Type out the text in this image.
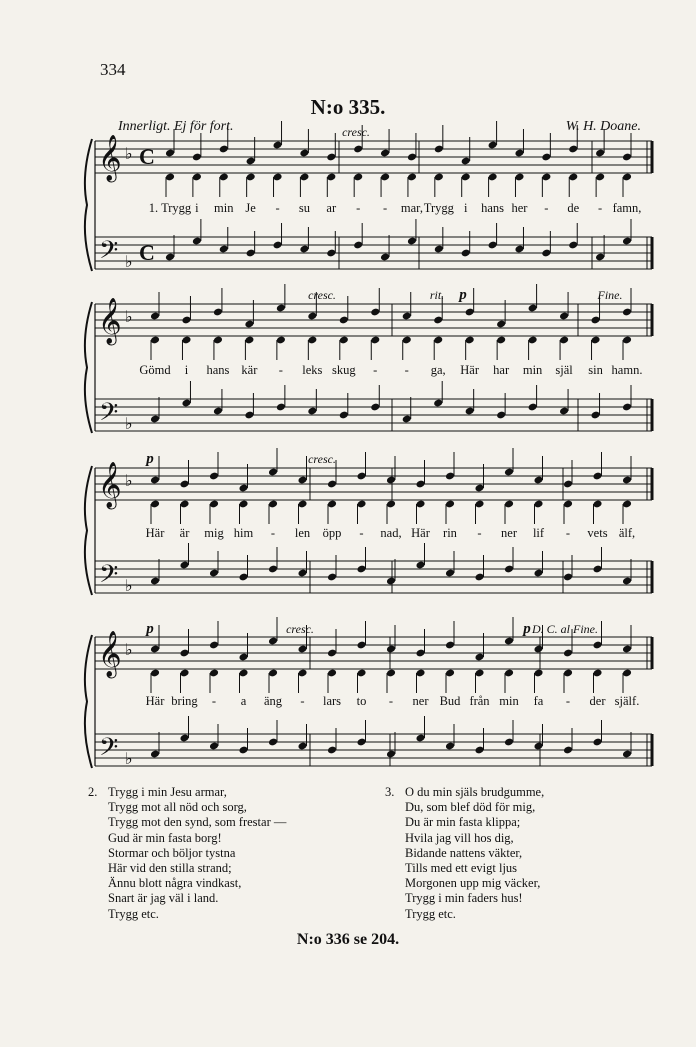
334
N:o 335.
Innerligt. Ej för fort.	W. H. Doane.
𝄞
𝄢
♭
♭
C
C
1. Trygg i min Je - su ar - - mar, Trygg i hans her - de - famn,
cresc.
𝄞
𝄢
♭
♭
Gömd i hans kär - leks skug - - ga, Här har min själ sin hamn.
cresc.	rit. p	Fine.
𝄞
𝄢
♭
♭
Här är mig him - len öpp - nad, Här rin - ner lif - vets älf,
p	cresc.
𝄞
𝄢
♭
♭
Här bring - a äng - lars to - ner Bud från min fa - der själf.
p	cresc.	p D. C. al Fine.
2. Trygg i min Jesu armar,
Trygg mot all nöd och sorg,
Trygg mot den synd, som frestar —
Gud är min fasta borg!
Stormar och böljor tystna
Här vid den stilla strand;
Ännu blott några vindkast,
Snart är jag väl i land.
Trygg etc.
3. O du min själs brudgumme,
Du, som blef död för mig,
Du är min fasta klippa;
Hvila jag vill hos dig,
Bidande nattens väkter,
Tills med ett evigt ljus
Morgonen upp mig väcker,
Trygg i min faders hus!
Trygg etc.
N:o 336 se 204.
